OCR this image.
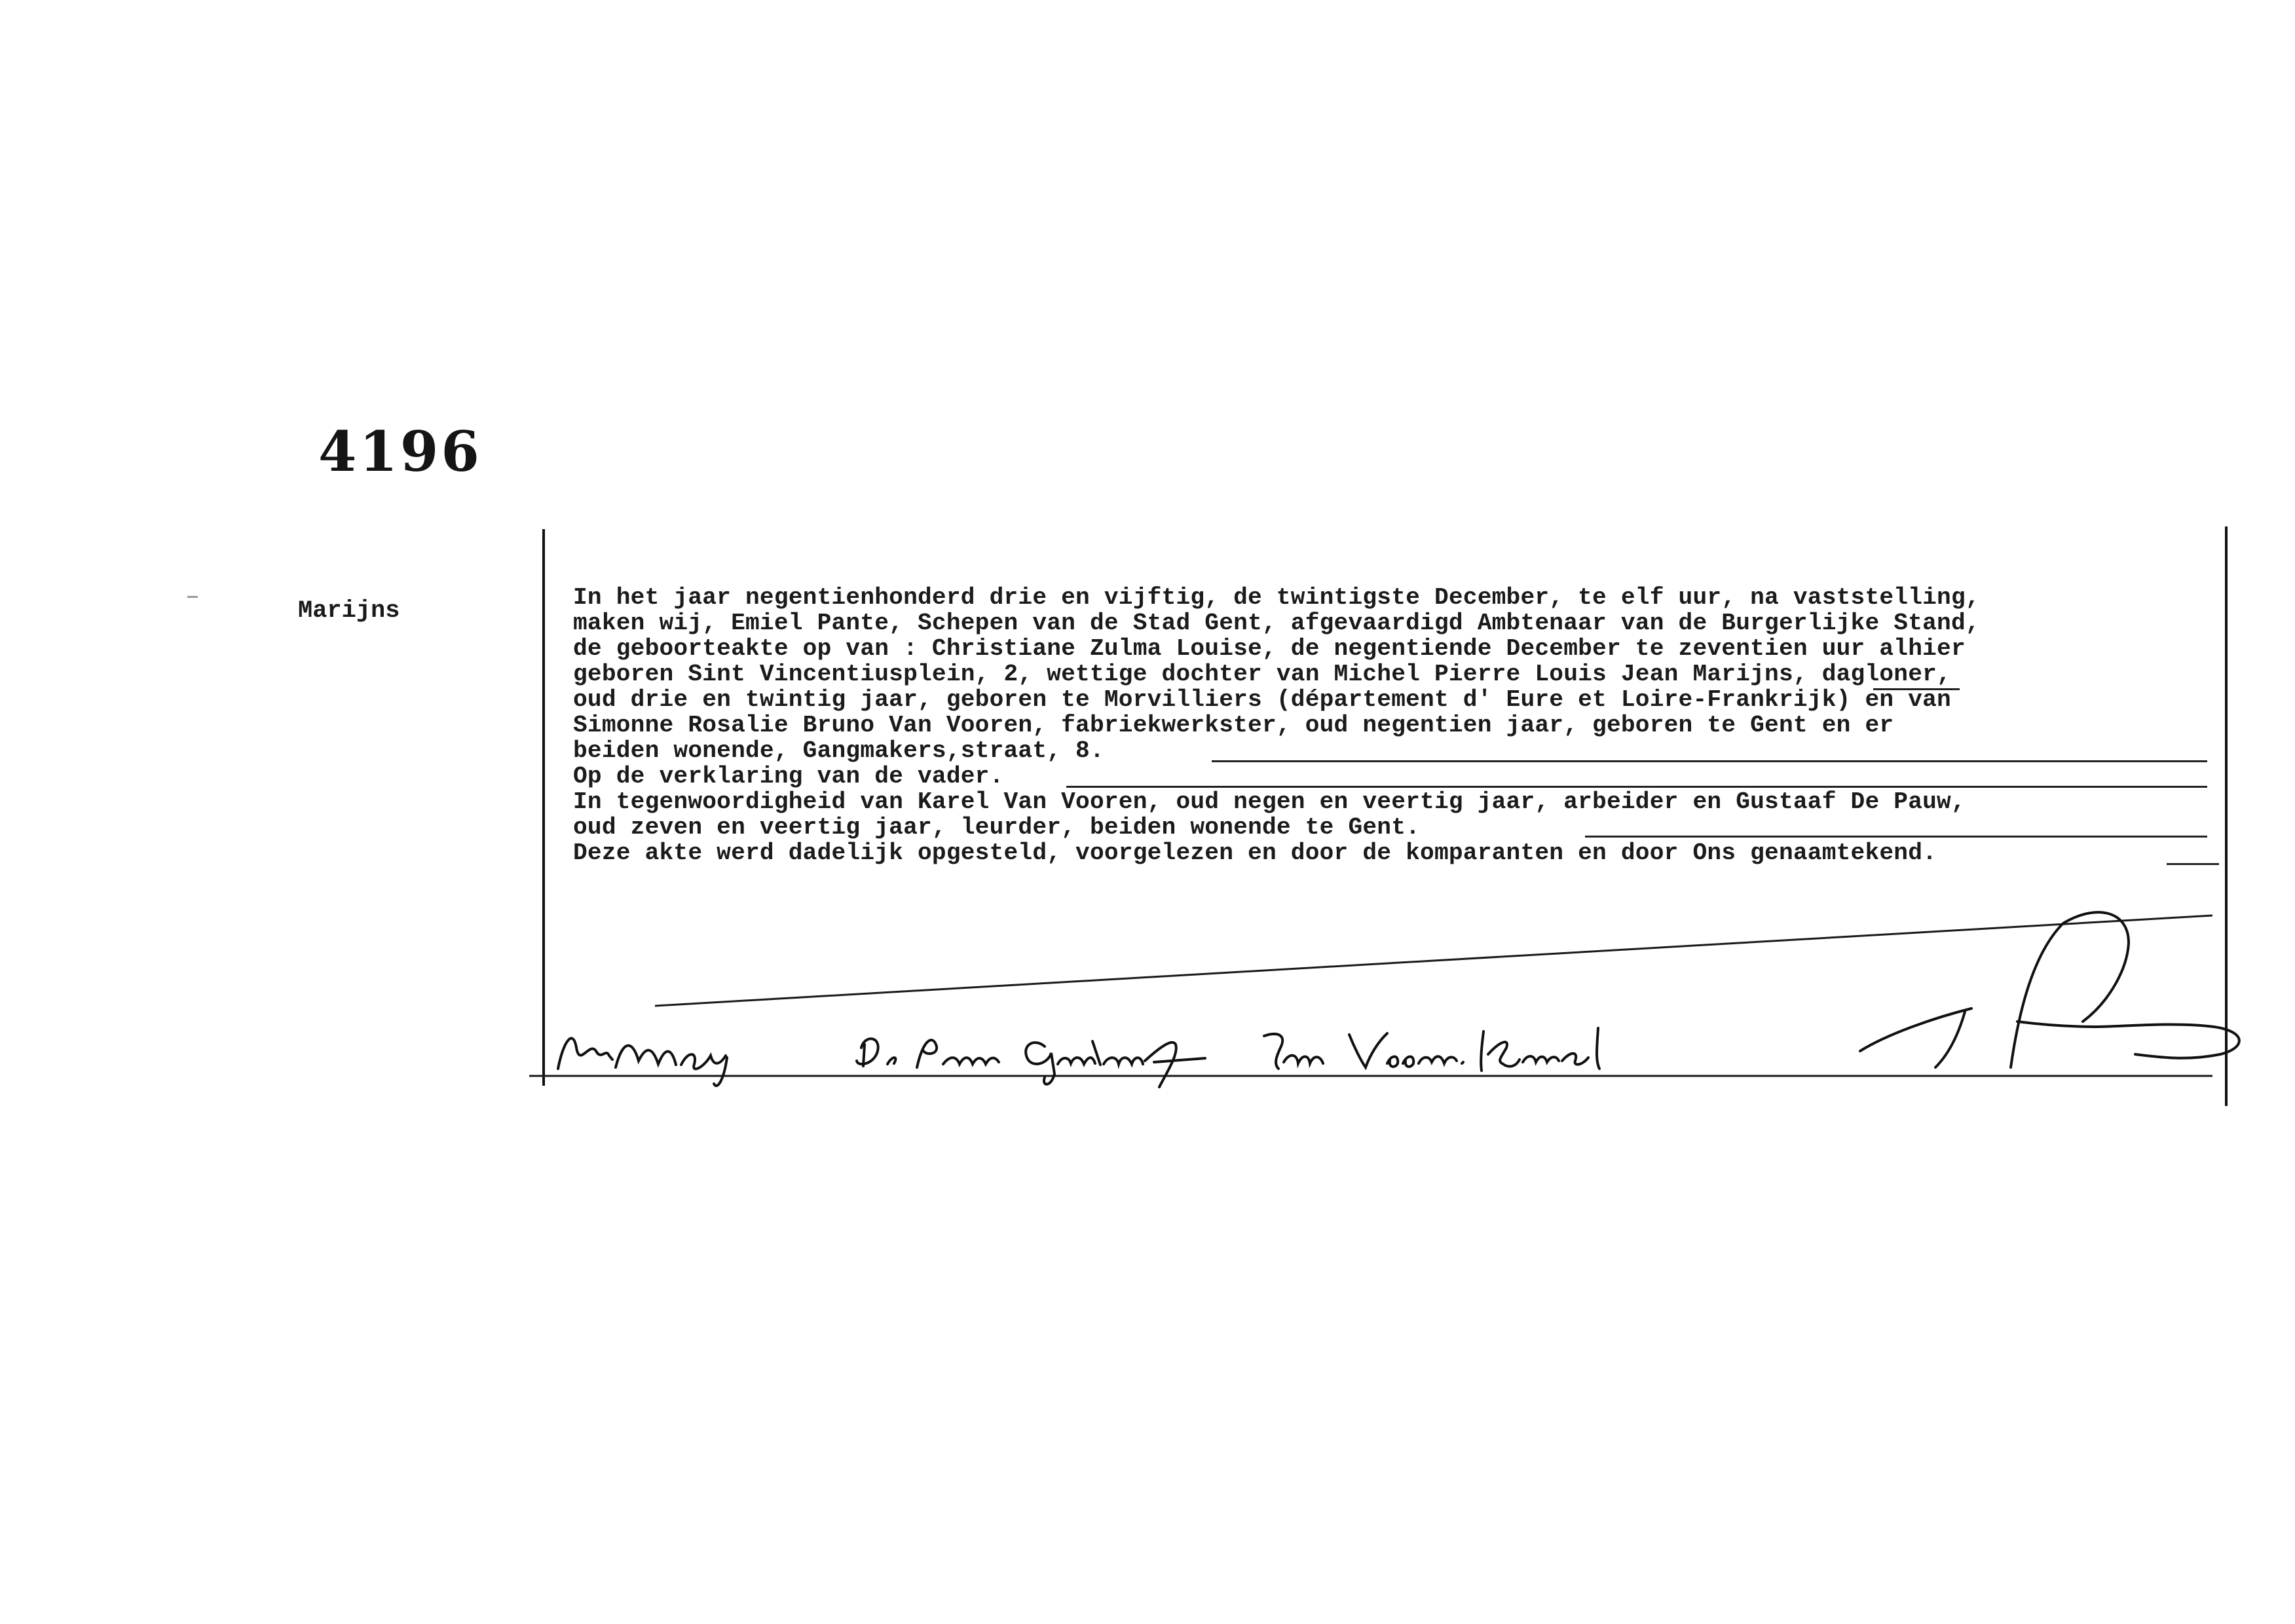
4196
Marijns	In het jaar negentienhonderd drie en vijftig, de twintigste December, te elf uur, na vaststelling,
maken wij, Emiel Pante, Schepen van de Stad Gent, afgevaardigd Ambtenaar van de Burgerlijke Stand,
de geboorteakte op van : Christiane Zulma Louise, de negentiende December te zeventien uur alhier
geboren Sint Vincentiusplein, 2, wettige dochter van Michel Pierre Louis Jean Marijns, dagloner,
oud drie en twintig jaar, geboren te Morvilliers (département d' Eure et Loire-Frankrijk) en van
Simonne Rosalie Bruno Van Vooren, fabriekwerkster, oud negentien jaar, geboren te Gent en er
beiden wonende, Gangmakers,straat, 8.
Op de verklaring van de vader.
In tegenwoordigheid van Karel Van Vooren, oud negen en veertig jaar, arbeider en Gustaaf De Pauw,
oud zeven en veertig jaar, leurder, beiden wonende te Gent.
Deze akte werd dadelijk opgesteld, voorgelezen en door de komparanten en door Ons genaamtekend.
